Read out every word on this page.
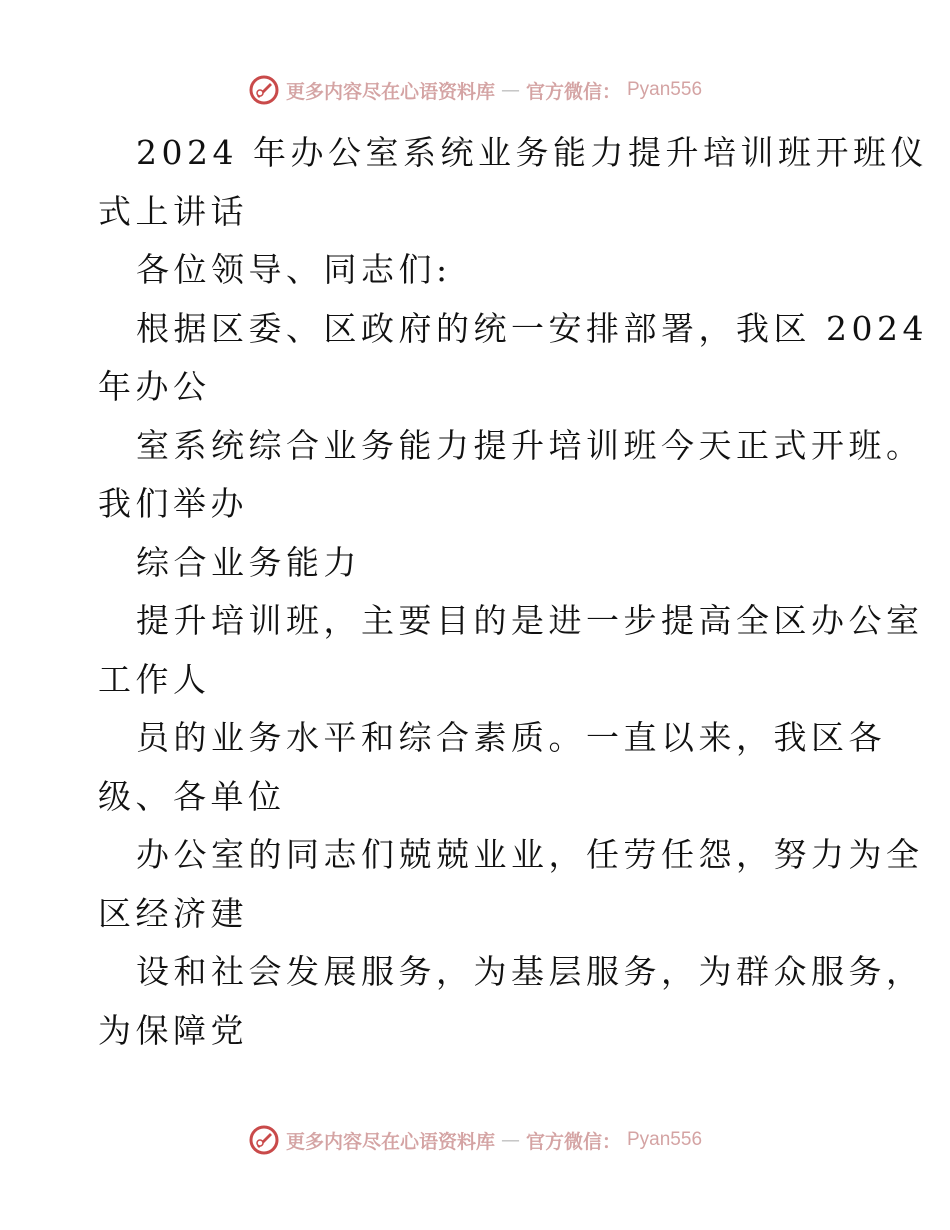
更多内容尽在心语资料库 — 官方微信： Pyan556
2024 年办公室系统业务能力提升培训班开班仪
式上讲话
各位领导、同志们:
根据区委、区政府的统一安排部署，我区 2024
年办公
室系统综合业务能力提升培训班今天正式开班。
我们举办
综合业务能力
提升培训班，主要目的是进一步提高全区办公室
工作人
员的业务水平和综合素质。一直以来，我区各
级、各单位
办公室的同志们兢兢业业，任劳任怨，努力为全
区经济建
设和社会发展服务，为基层服务，为群众服务，
为保障党
更多内容尽在心语资料库 — 官方微信： Pyan556
